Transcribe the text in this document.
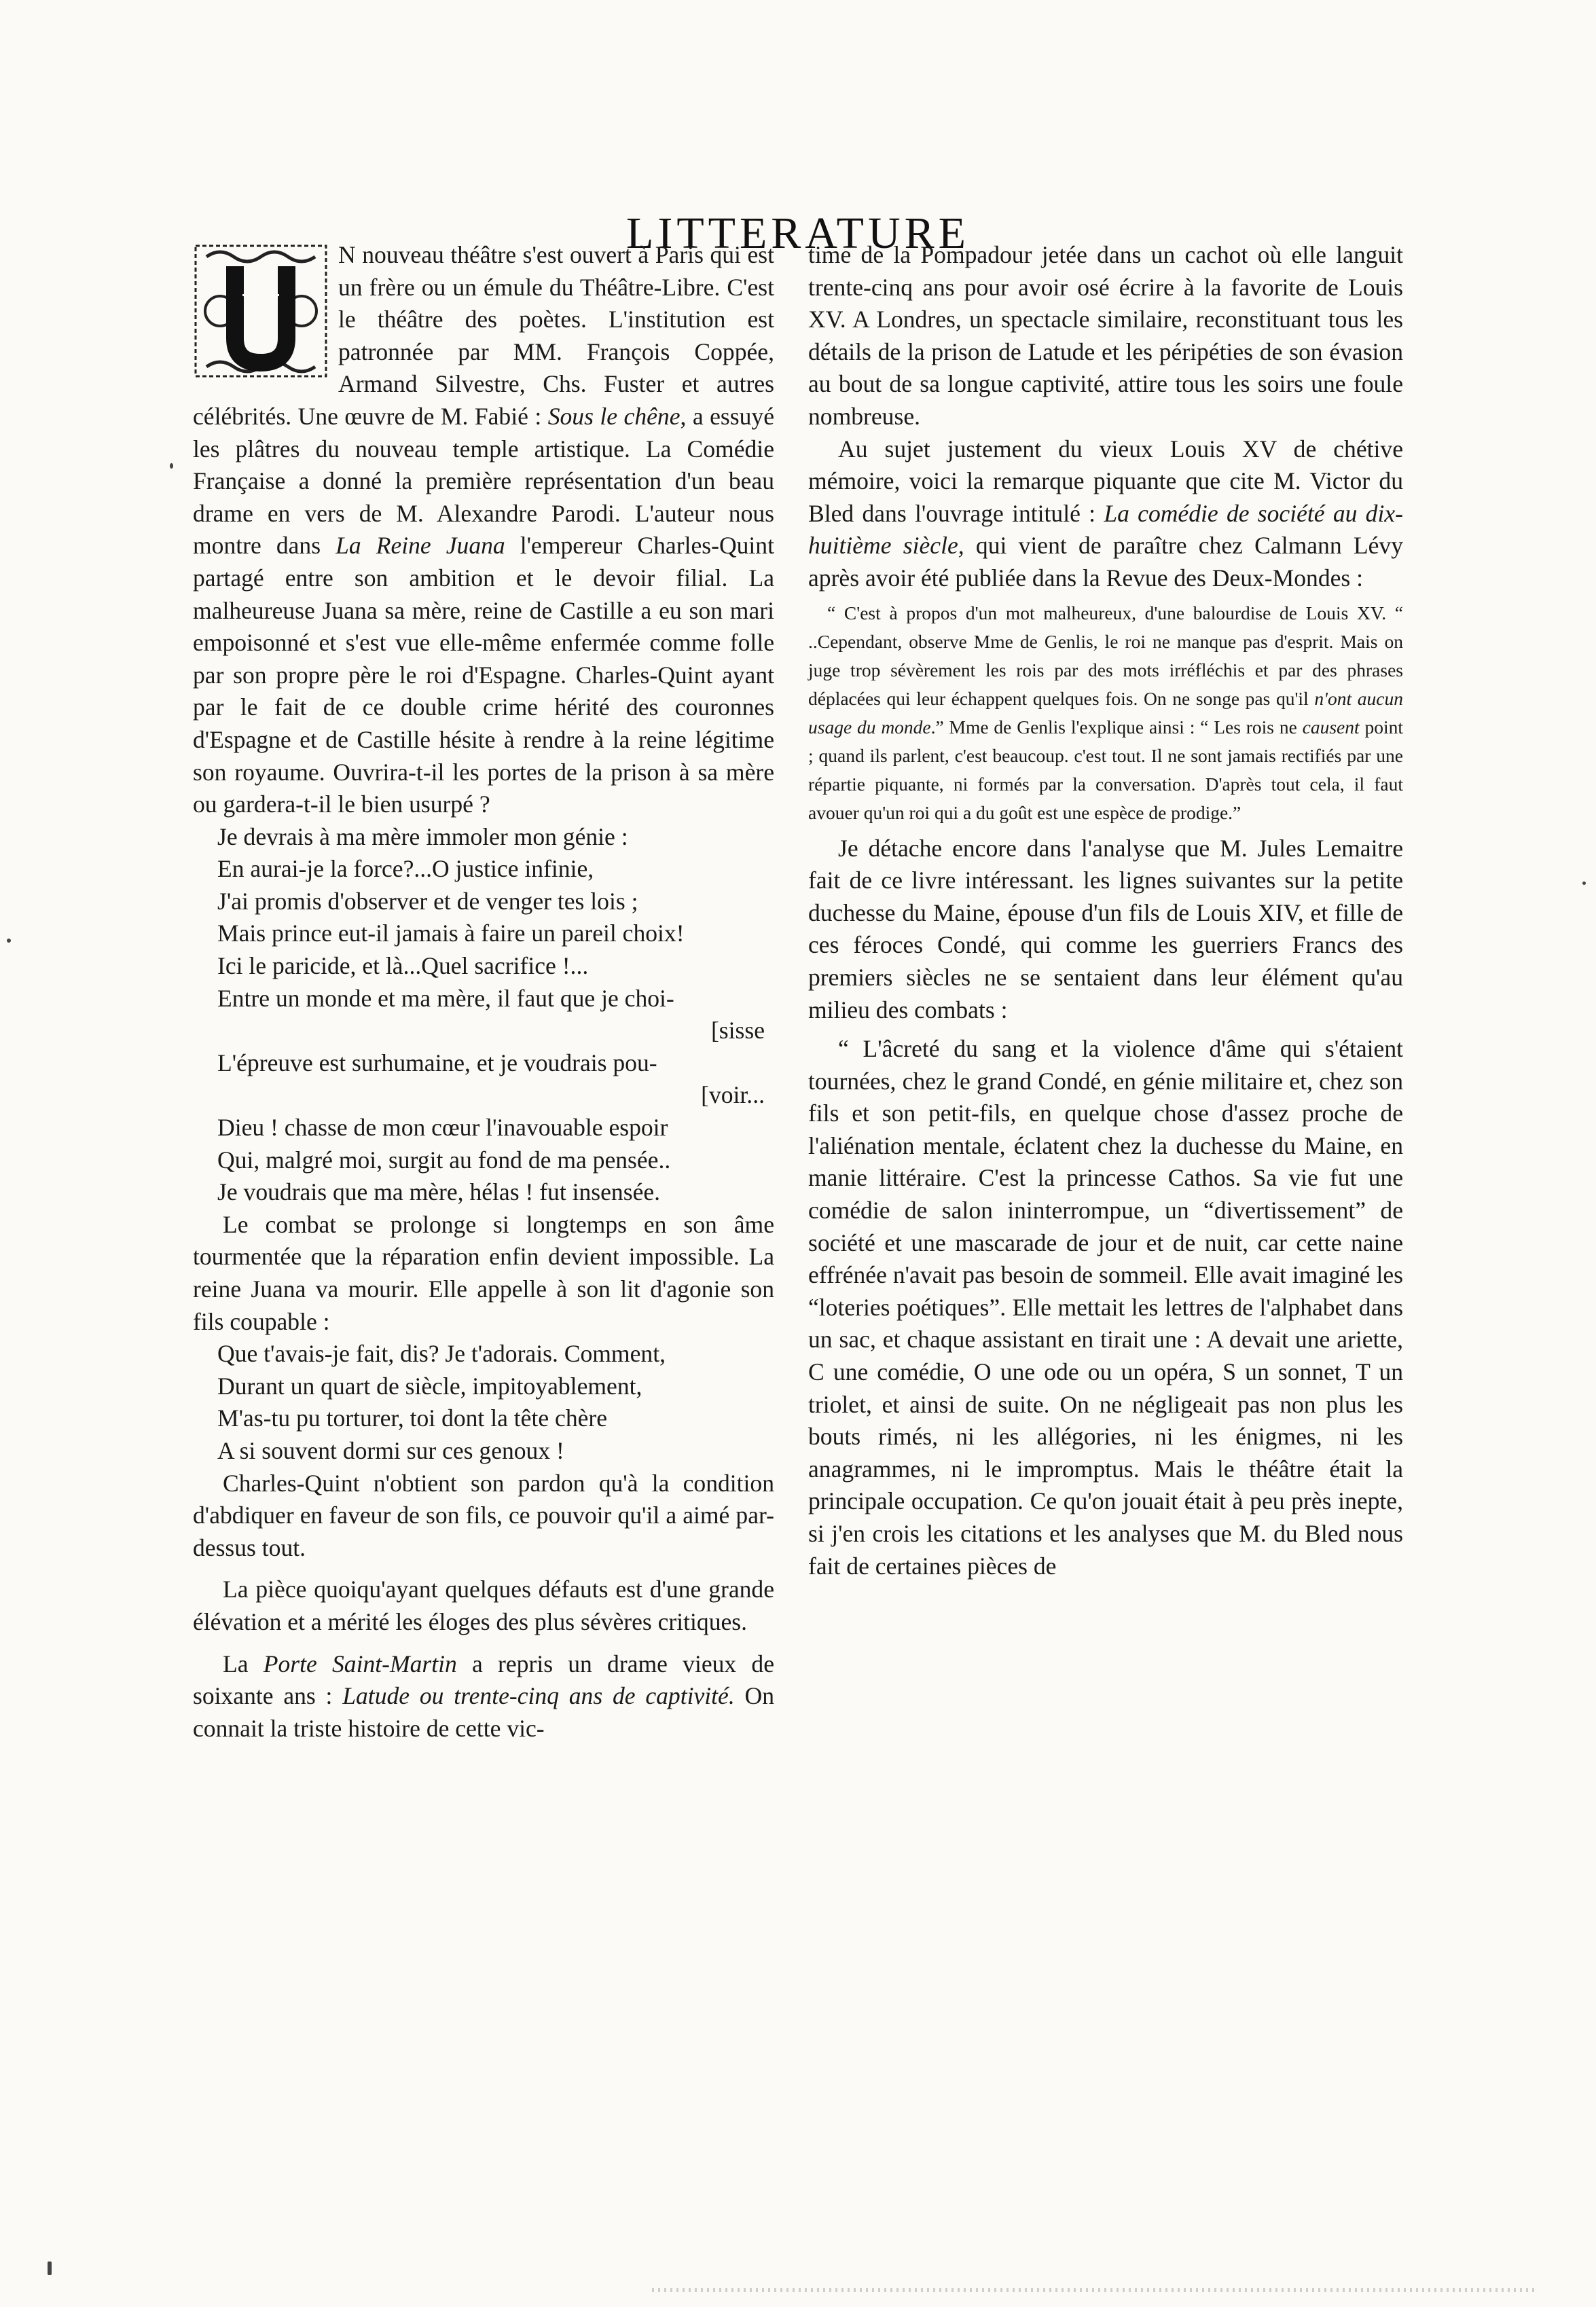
LITTERATURE

U
N nouveau théâtre s'est ouvert à Paris qui est un frère ou un émule du Théâtre-Libre. C'est le théâtre des poètes. L'institution est patronnée par MM. François Coppée, Armand Silvestre, Chs. Fuster et autres célébrités. Une œuvre de M. Fabié : Sous le chêne, a essuyé les plâtres du nouveau temple artistique. La Comédie Française a donné la première représentation d'un beau drame en vers de M. Alexandre Parodi. L'auteur nous montre dans La Reine Juana l'empereur Charles-Quint partagé entre son ambition et le devoir filial. La malheureuse Juana sa mère, reine de Castille a eu son mari empoisonné et s'est vue elle-même enfermée comme folle par son propre père le roi d'Espagne. Charles-Quint ayant par le fait de ce double crime hérité des couronnes d'Espagne et de Castille hésite à rendre à la reine légitime son royaume. Ouvrira-t-il les portes de la prison à sa mère ou gardera-t-il le bien usurpé ?

Je devrais à ma mère immoler mon génie :
En aurai-je la force?...O justice infinie,
J'ai promis d'observer et de venger tes lois ;
Mais prince eut-il jamais à faire un pareil choix!
Ici le paricide, et là...Quel sacrifice !...
Entre un monde et ma mère, il faut que je choi-
[sisse
L'épreuve est surhumaine, et je voudrais pou-
[voir...
Dieu ! chasse de mon cœur l'inavouable espoir
Qui, malgré moi, surgit au fond de ma pensée..
Je voudrais que ma mère, hélas ! fut insensée.

Le combat se prolonge si longtemps en son âme tourmentée que la réparation enfin devient impossible. La reine Juana va mourir. Elle appelle à son lit d'agonie son fils coupable :

Que t'avais-je fait, dis? Je t'adorais. Comment,
Durant un quart de siècle, impitoyablement,
M'as-tu pu torturer, toi dont la tête chère
A si souvent dormi sur ces genoux !

Charles-Quint n'obtient son pardon qu'à la condition d'abdiquer en faveur de son fils, ce pouvoir qu'il a aimé par-dessus tout.

La pièce quoiqu'ayant quelques défauts est d'une grande élévation et a mérité les éloges des plus sévères critiques.

La Porte Saint-Martin a repris un drame vieux de soixante ans : Latude ou trente-cinq ans de captivité. On connait la triste histoire de cette vic-

time de la Pompadour jetée dans un cachot où elle languit trente-cinq ans pour avoir osé écrire à la favorite de Louis XV. A Londres, un spectacle similaire, reconstituant tous les détails de la prison de Latude et les péripéties de son évasion au bout de sa longue captivité, attire tous les soirs une foule nombreuse.

Au sujet justement du vieux Louis XV de chétive mémoire, voici la remarque piquante que cite M. Victor du Bled dans l'ouvrage intitulé : La comédie de société au dix-huitième siècle, qui vient de paraître chez Calmann Lévy après avoir été publiée dans la Revue des Deux-Mondes :

“ C'est à propos d'un mot malheureux, d'une balourdise de Louis XV. “ ..Cependant, observe Mme de Genlis, le roi ne manque pas d'esprit. Mais on juge trop sévèrement les rois par des mots irréfléchis et par des phrases déplacées qui leur échappent quelques fois. On ne songe pas qu'il n'ont aucun usage du monde.” Mme de Genlis l'explique ainsi : “ Les rois ne causent point ; quand ils parlent, c'est beaucoup. c'est tout. Il ne sont jamais rectifiés par une répartie piquante, ni formés par la conversation. D'après tout cela, il faut avouer qu'un roi qui a du goût est une espèce de prodige.”

Je détache encore dans l'analyse que M. Jules Lemaitre fait de ce livre intéressant. les lignes suivantes sur la petite duchesse du Maine, épouse d'un fils de Louis XIV, et fille de ces féroces Condé, qui comme les guerriers Francs des premiers siècles ne se sentaient dans leur élément qu'au milieu des combats :

“ L'âcreté du sang et la violence d'âme qui s'étaient tournées, chez le grand Condé, en génie militaire et, chez son fils et son petit-fils, en quelque chose d'assez proche de l'aliénation mentale, éclatent chez la duchesse du Maine, en manie littéraire. C'est la princesse Cathos. Sa vie fut une comédie de salon ininterrompue, un “divertissement” de société et une mascarade de jour et de nuit, car cette naine effrénée n'avait pas besoin de sommeil. Elle avait imaginé les “loteries poétiques”. Elle mettait les lettres de l'alphabet dans un sac, et chaque assistant en tirait une : A devait une ariette, C une comédie, O une ode ou un opéra, S un sonnet, T un triolet, et ainsi de suite. On ne négligeait pas non plus les bouts rimés, ni les allégories, ni les énigmes, ni les anagrammes, ni le impromptus. Mais le théâtre était la principale occupation. Ce qu'on jouait était à peu près inepte, si j'en crois les citations et les analyses que M. du Bled nous fait de certaines pièces de
